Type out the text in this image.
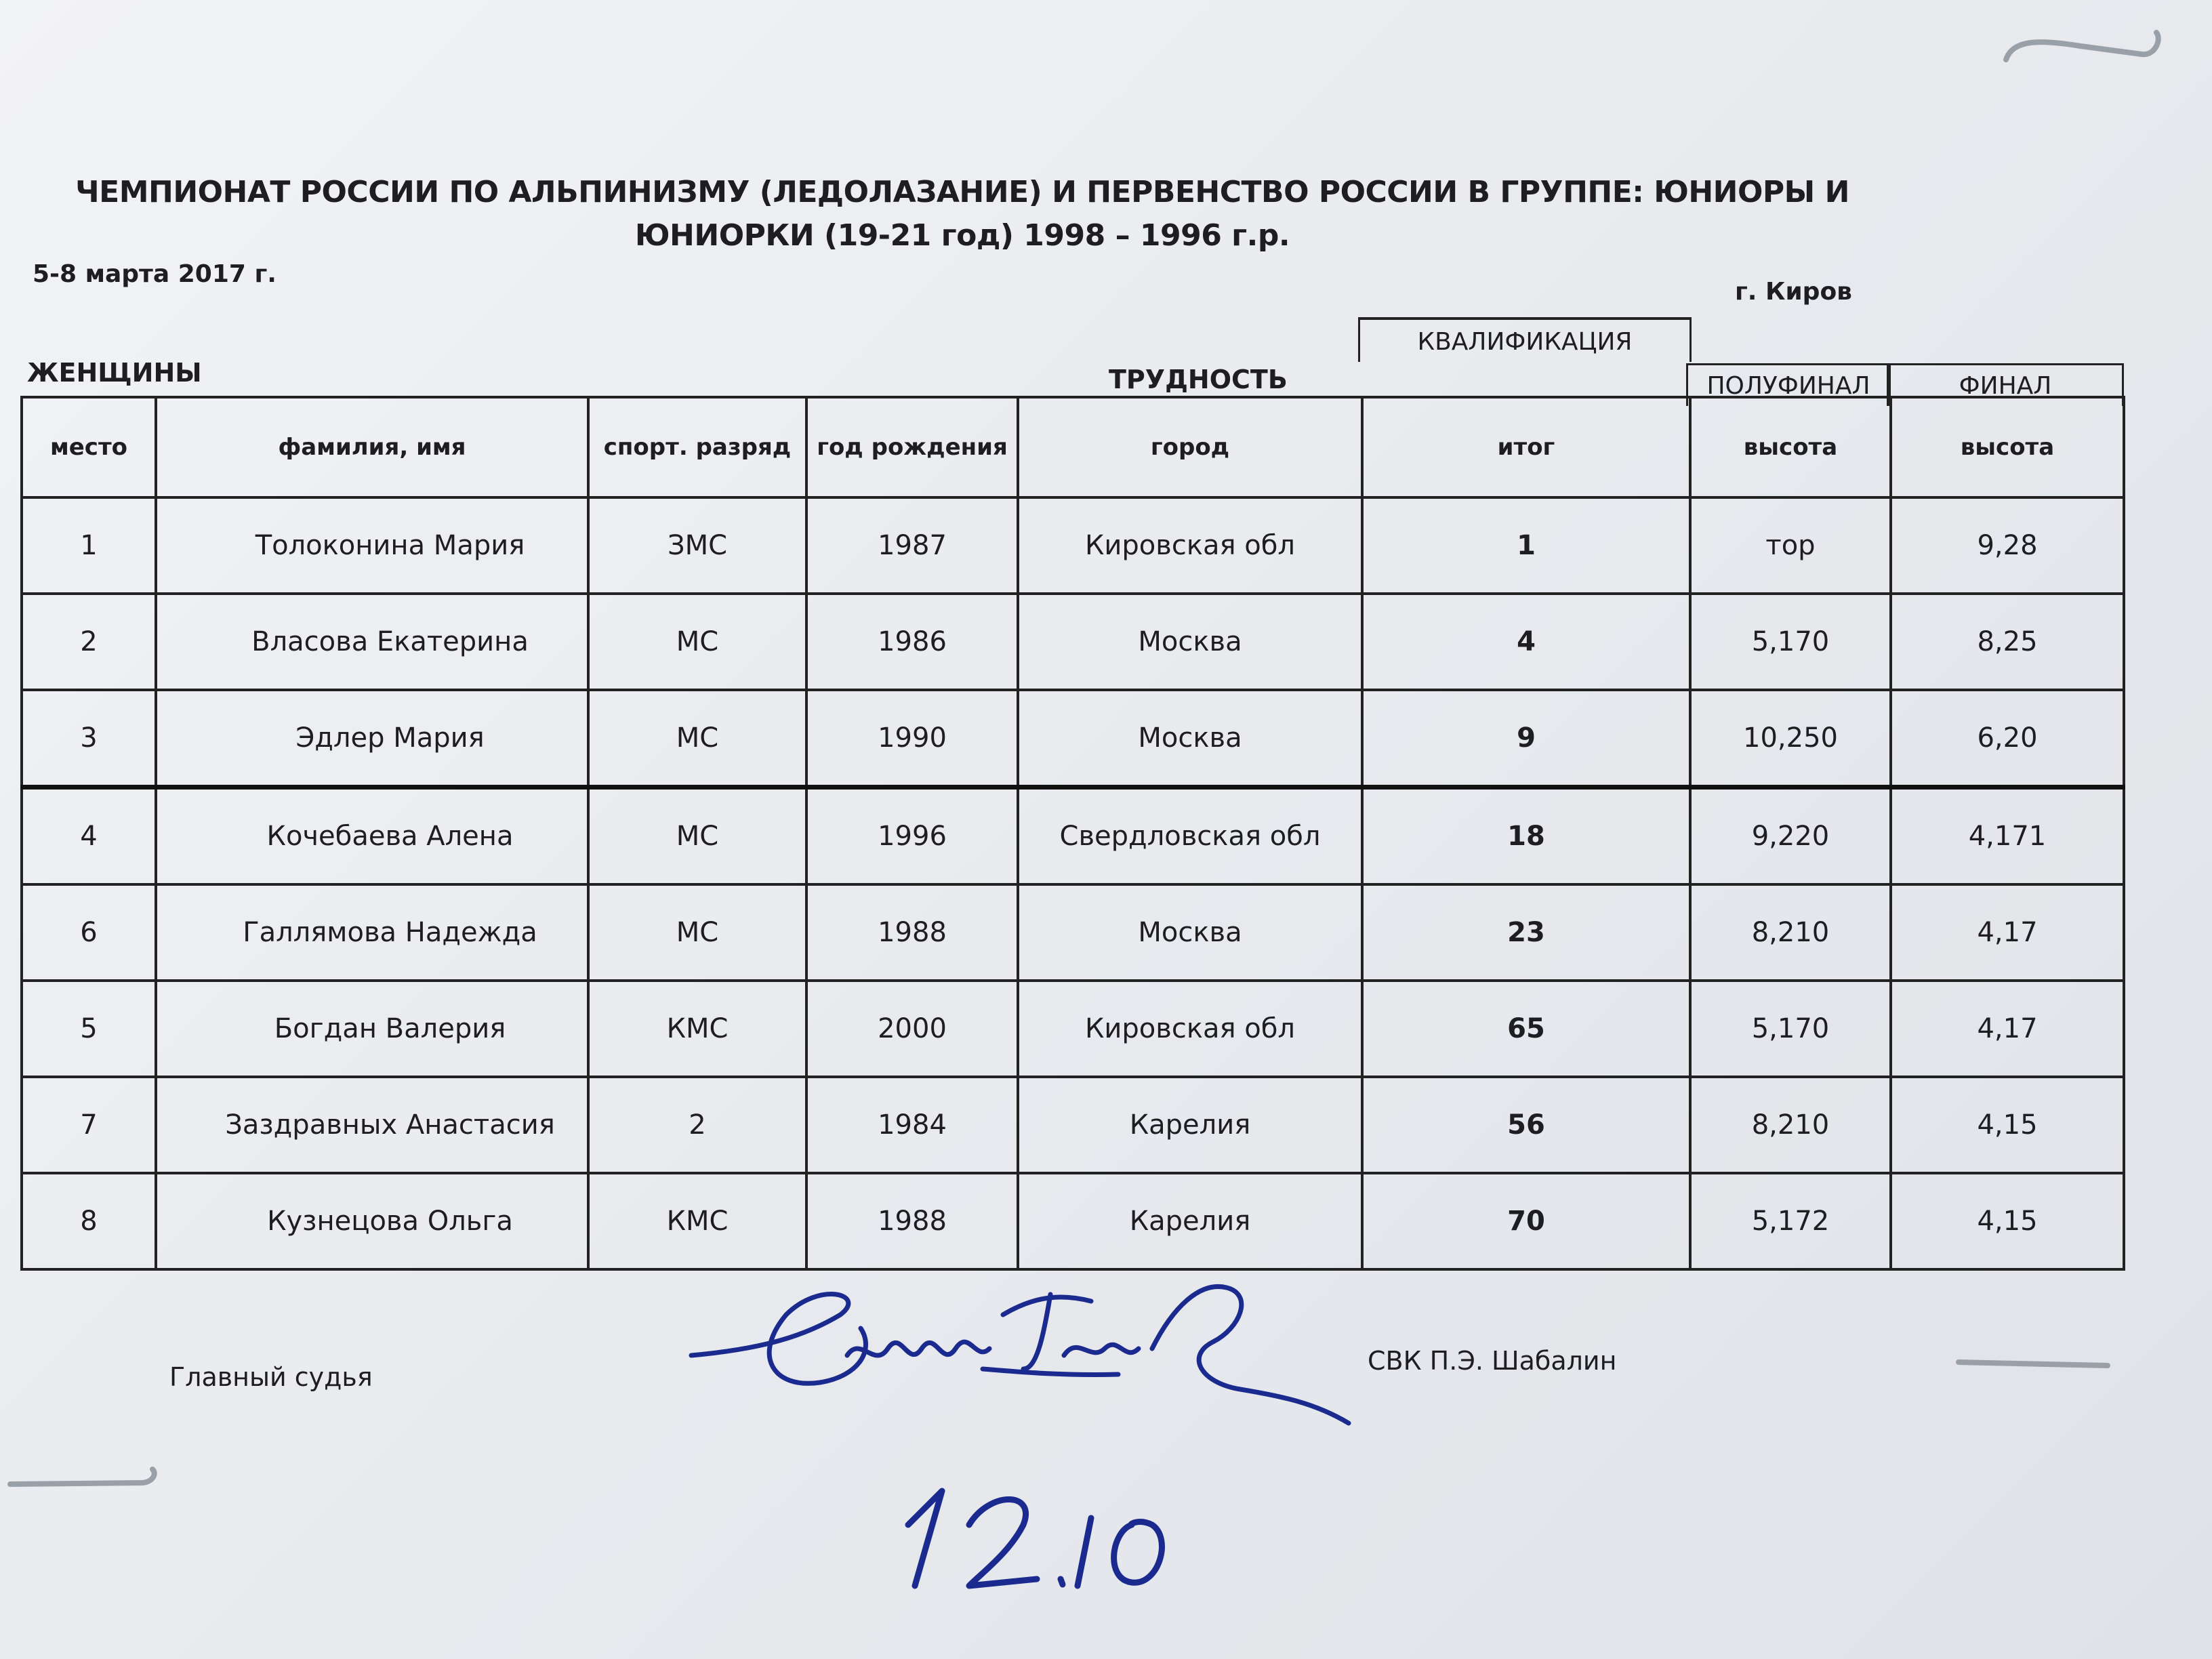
ЧЕМПИОНАТ РОССИИ ПО АЛЬПИНИЗМУ (ЛЕДОЛАЗАНИЕ) И ПЕРВЕНСТВО РОССИИ В ГРУППЕ: ЮНИОРЫ И ЮНИОРКИ (19-21 год) 1998 – 1996 г.р.
5-8 марта 2017 г.
г. Киров
ЖЕНЩИНЫ	ТРУДНОСТЬ
КВАЛИФИКАЦИЯ
ПОЛУФИНАЛ	ФИНАЛ
место	фамилия, имя	спорт. разряд	год рождения	город	итог	высота	высота
1	Толоконина Мария	ЗМС	1987	Кировская обл	1	тор	9,28
2	Власова Екатерина	МС	1986	Москва	4	5,170	8,25
3	Эдлер Мария	МС	1990	Москва	9	10,250	6,20
4	Кочебаева Алена	МС	1996	Свердловская обл	18	9,220	4,171
6	Галлямова Надежда	МС	1988	Москва	23	8,210	4,17
5	Богдан Валерия	КМС	2000	Кировская обл	65	5,170	4,17
7	Заздравных Анастасия	2	1984	Карелия	56	8,210	4,15
8	Кузнецова Ольга	КМС	1988	Карелия	70	5,172	4,15
Главный судья
СВК П.Э. Шабалин
